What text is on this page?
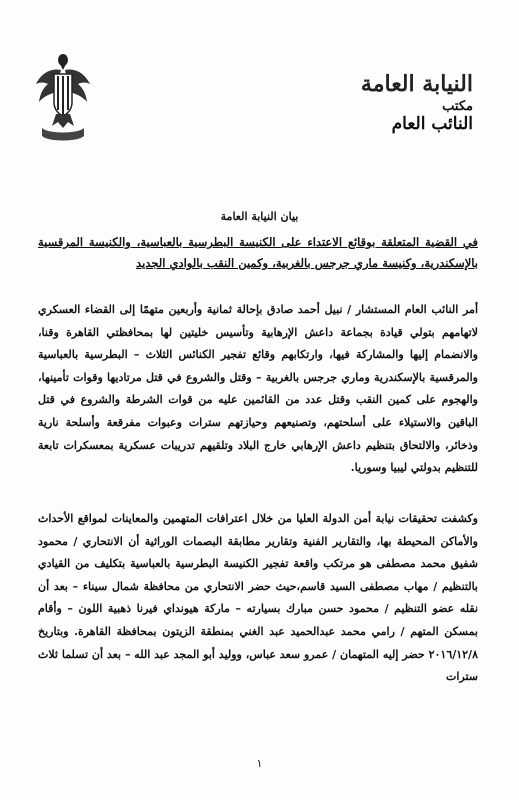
النيابة العامة
مكتب
النائب العام
بيان النيابة العامة
في القضية المتعلقة بوقائع الاعتداء على الكنيسة البطرسية بالعباسية، والكنيسة المرقسية بالإسكندرية، وكنيسة ماري جرجس بالغربية، وكمين النقب بالوادي الجديد
أمر النائب العام المستشار / نبيل أحمد صادق بإحالة ثمانية وأربعين متهمًا إلى القضاء العسكري لاتهامهم بتولي قيادة بجماعة داعش الإرهابية وتأسيس خليتين لها بمحافظتي القاهرة وقنا، والانضمام إليها والمشاركة فيها، وارتكابهم وقائع تفجير الكنائس الثلاث – البطرسية بالعباسية والمرقسية بالإسكندرية وماري جرجس بالغربية – وقتل والشروع في قتل مرتاديها وقوات تأمينها، والهجوم على كمين النقب وقتل عدد من القائمين عليه من قوات الشرطة والشروع في قتل الباقين والاستيلاء على أسلحتهم، وتصنيعهم وحيازتهم سترات وعبوات مفرقعة وأسلحة نارية وذخائر، والالتحاق بتنظيم داعش الإرهابي خارج البلاد وتلقيهم تدريبات عسكرية بمعسكرات تابعة للتنظيم بدولتي ليبيا وسوريا.
وكشفت تحقيقات نيابة أمن الدولة العليا من خلال اعترافات المتهمين والمعاينات لمواقع الأحداث والأماكن المحيطة بها، والتقارير الفنية وتقارير مطابقة البصمات الوراثية أن الانتحاري / محمود شفيق محمد مصطفى هو مرتكب واقعة تفجير الكنيسة البطرسية بالعباسية بتكليف من القيادي بالتنظيم / مهاب مصطفى السيد قاسم،حيث حضر الانتحاري من محافظة شمال سيناء – بعد أن نقله عضو التنظيم / محمود حسن مبارك بسيارته – ماركة هيونداي فيرنا ذهبية اللون – وأقام بمسكن المتهم / رامي محمد عبدالحميد عبد الغني بمنطقة الزيتون بمحافظة القاهرة. وبتاريخ ٢٠١٦/١٢/٨ حضر إليه المتهمان / عمرو سعد عباس، ووليد أبو المجد عبد الله – بعد أن تسلما ثلاث سترات
١
